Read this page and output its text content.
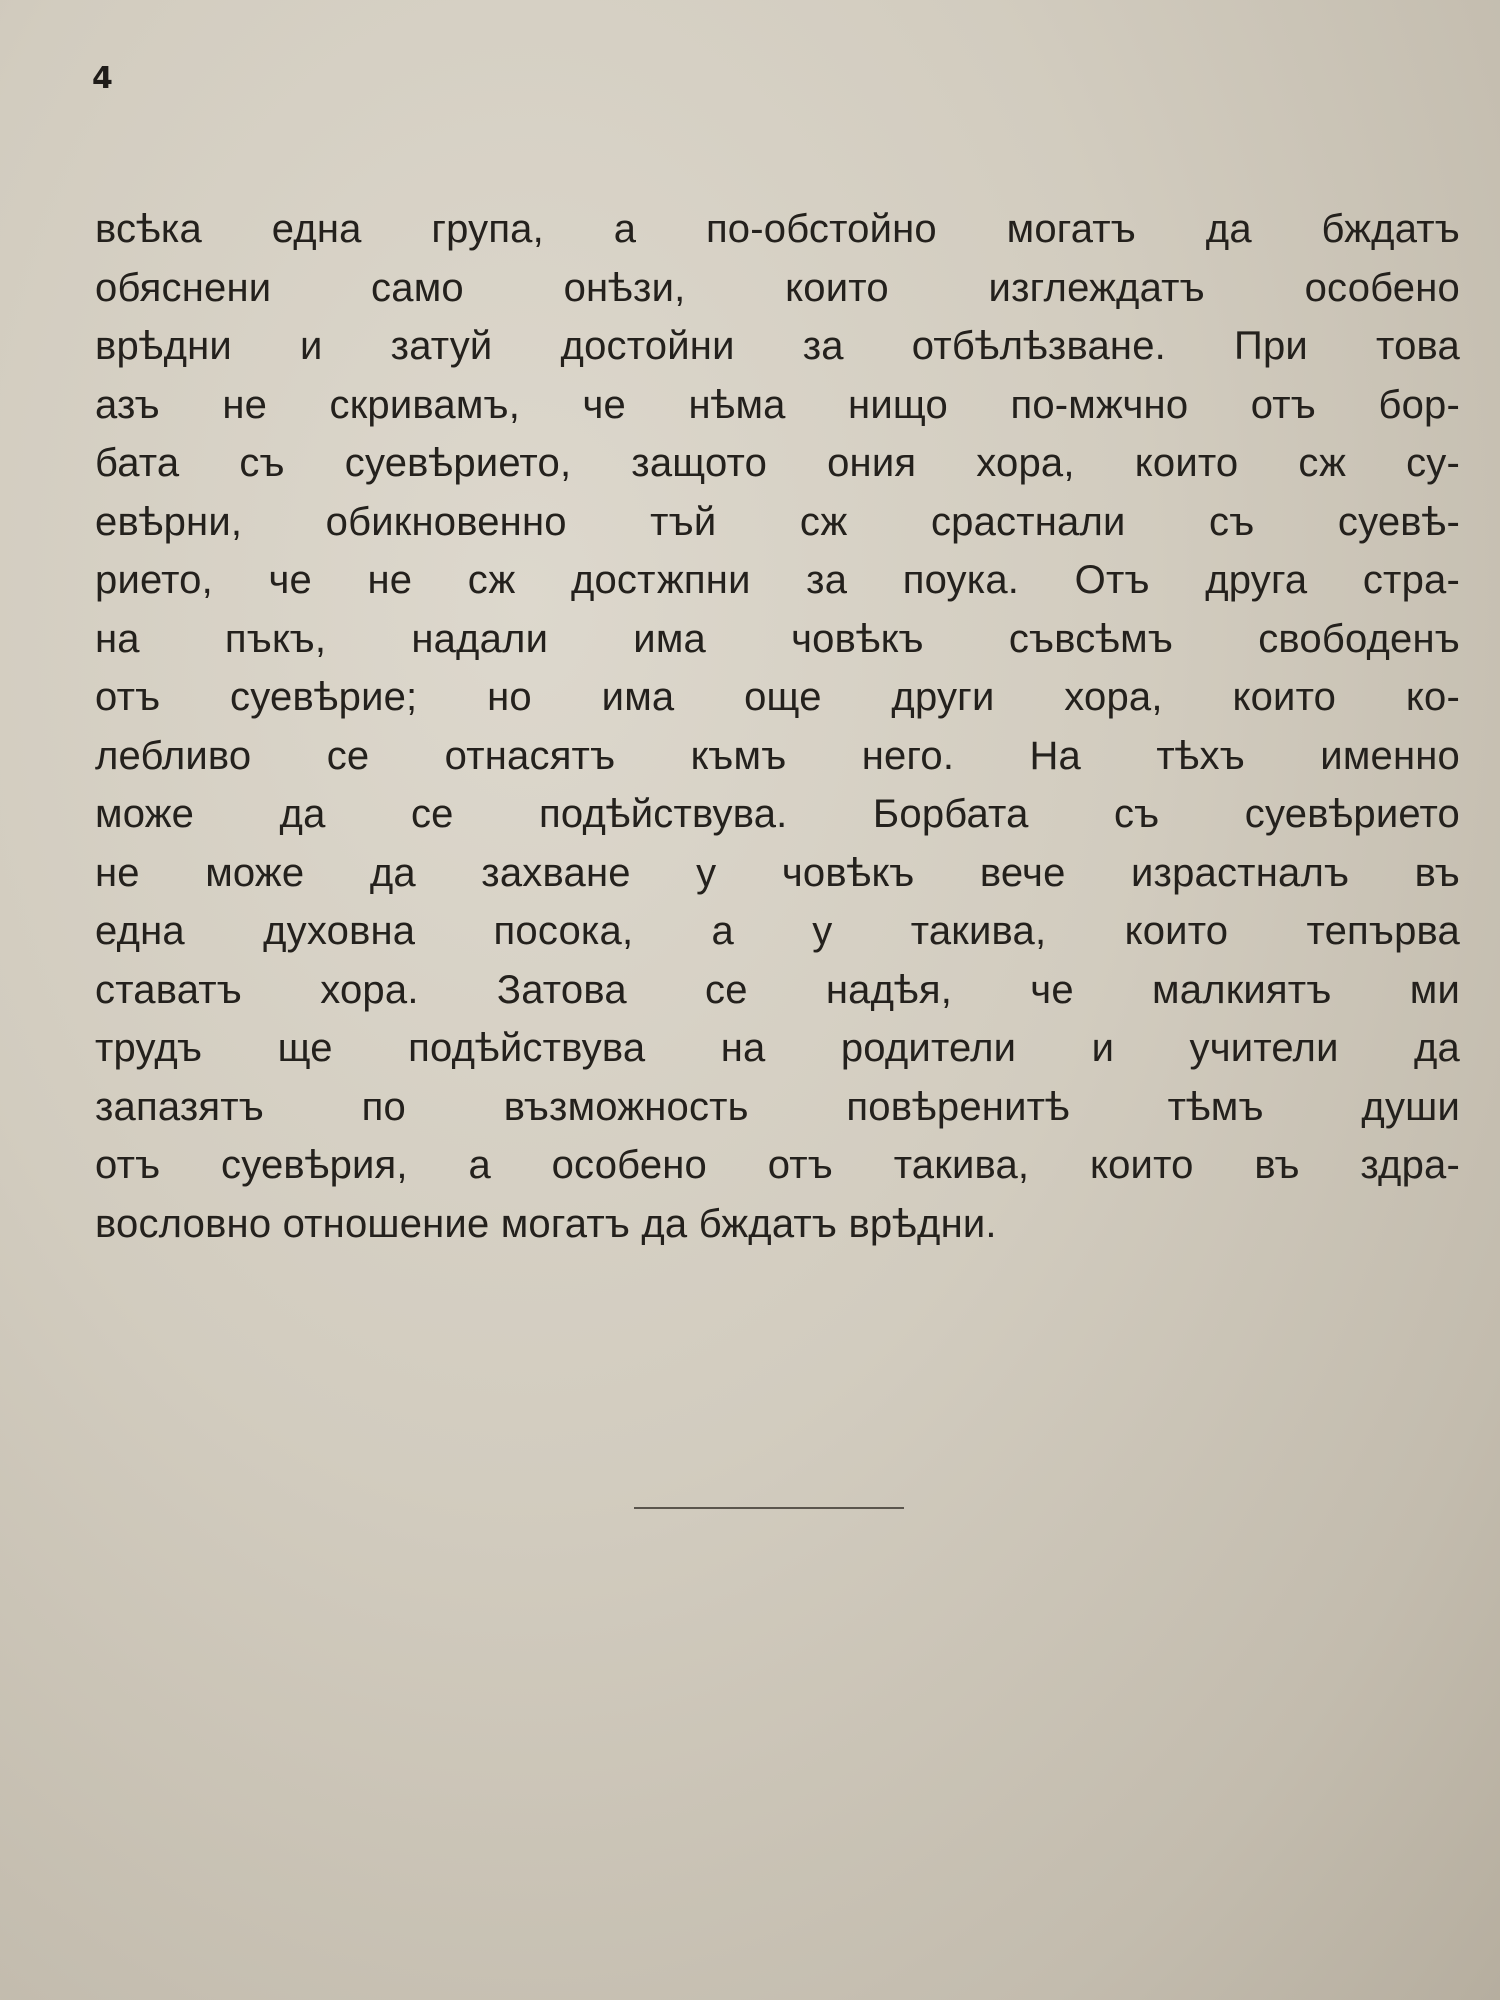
4
всѣка една група, а по-обстойно могатъ да бждатъ
обяснени само онѣзи, които изглеждатъ особено
врѣдни и затуй достойни за отбѣлѣзване. При това
азъ не скривамъ, че нѣма нищо по-мжчно отъ бор-
бата съ суевѣрието, защото ония хора, които сж су-
евѣрни, обикновенно тъй сж срастнали съ суевѣ-
рието, че не сж достжпни за поука. Отъ друга стра-
на пъкъ, надали има човѣкъ съвсѣмъ свободенъ
отъ суевѣрие; но има още други хора, които ко-
лебливо се отнасятъ къмъ него. На тѣхъ именно
може да се подѣйствува. Борбата съ суевѣрието
не може да захване у човѣкъ вече израстналъ въ
една духовна посока, а у такива, които тепърва
ставатъ хора. Затова се надѣя, че малкиятъ ми
трудъ ще подѣйствува на родители и учители да
запазятъ по възможность повѣренитѣ тѣмъ души
отъ суевѣрия, а особено отъ такива, които въ здра-
вословно отношение могатъ да бждатъ врѣдни.
